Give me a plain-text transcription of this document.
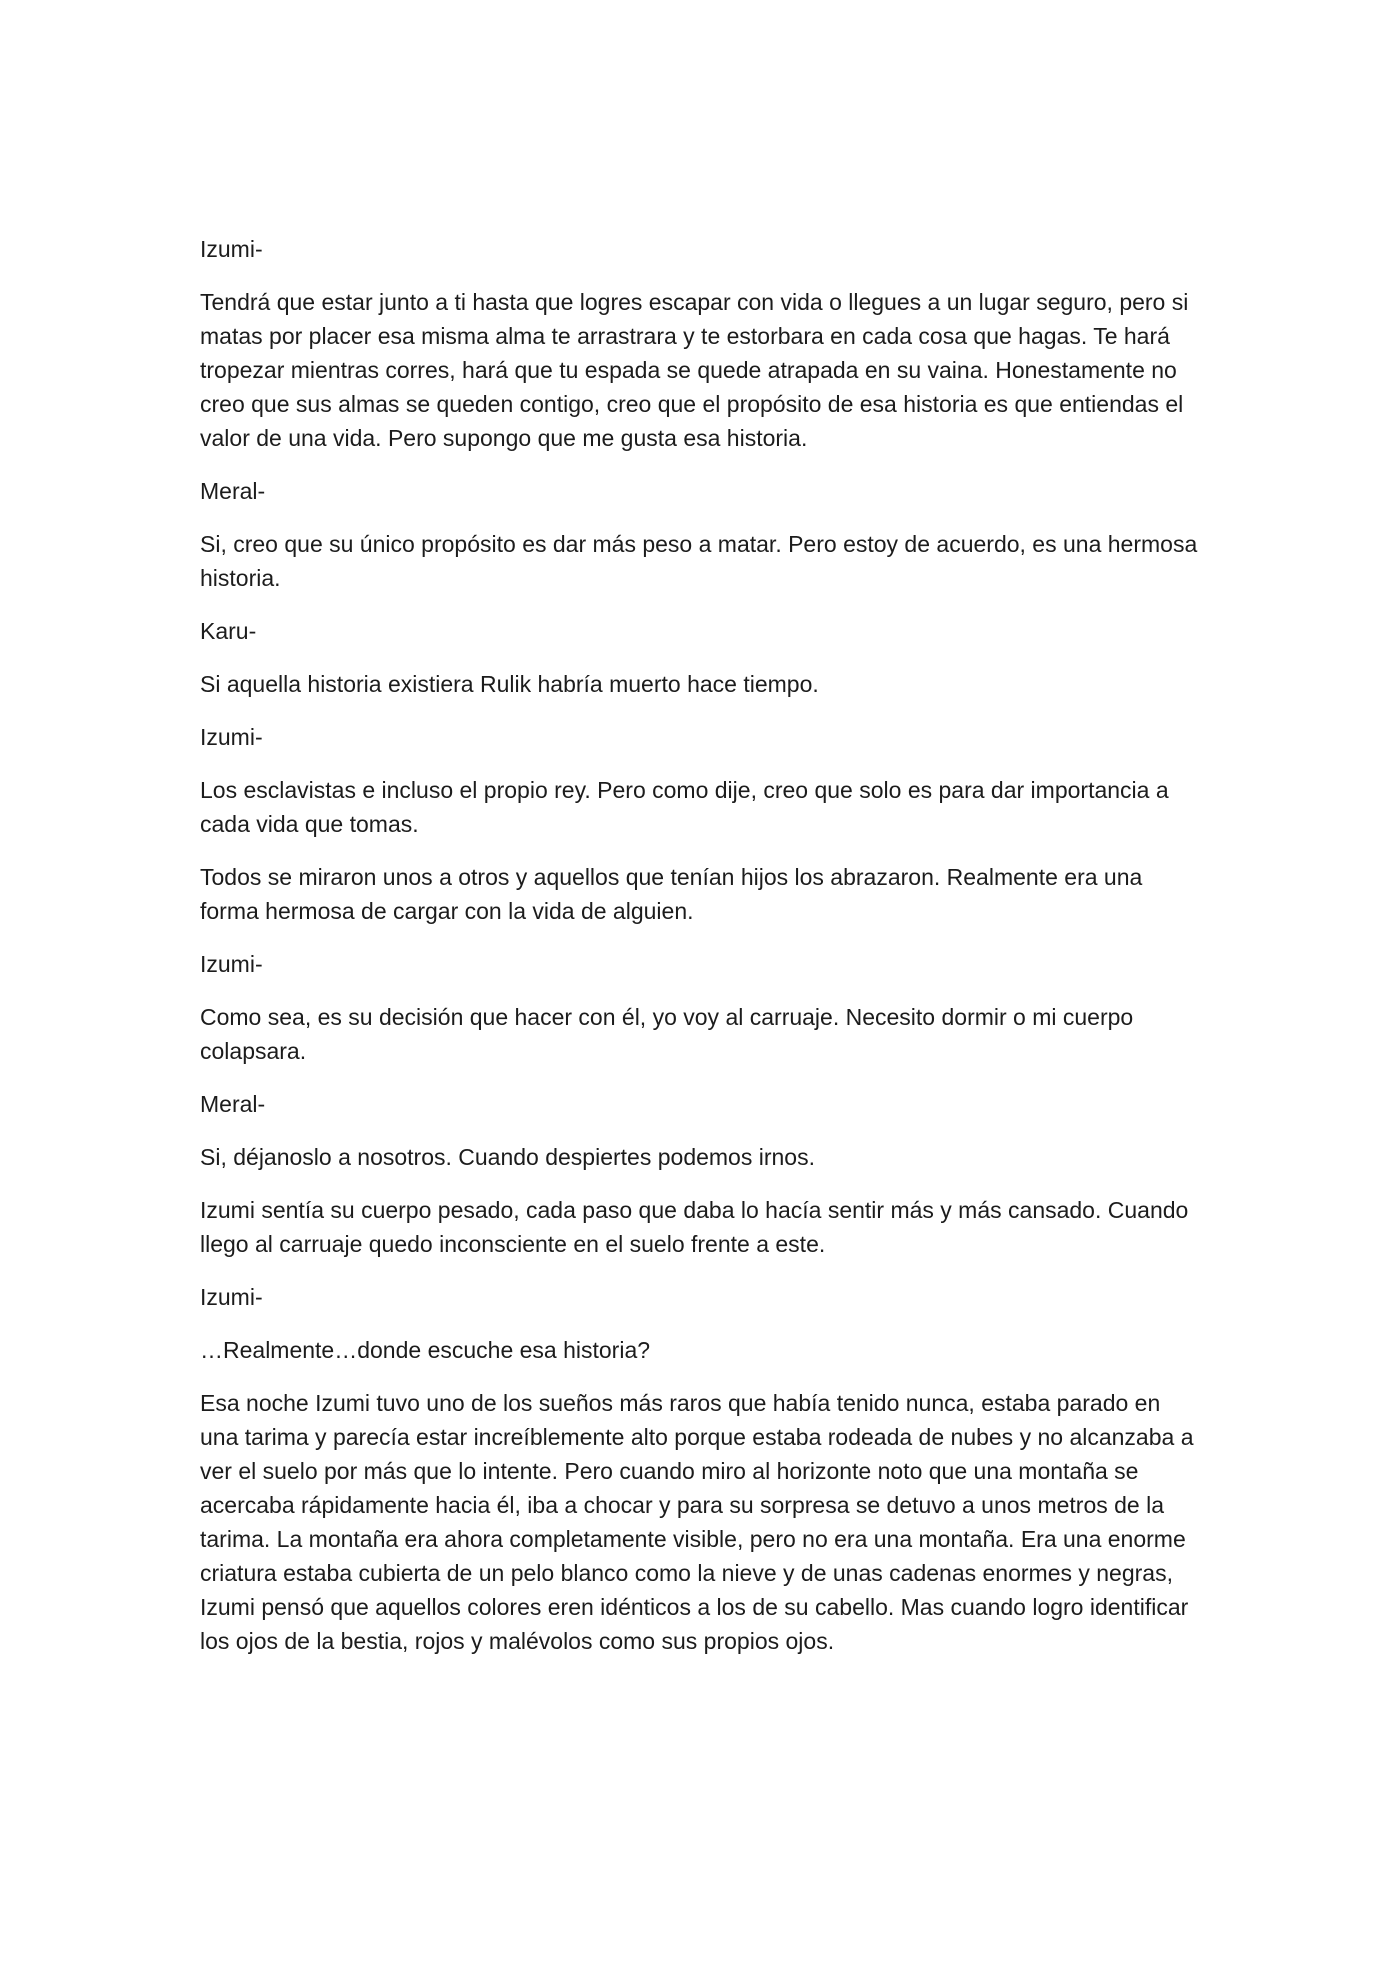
Izumi-

Tendrá que estar junto a ti hasta que logres escapar con vida o llegues a un lugar seguro, pero si matas por placer esa misma alma te arrastrara y te estorbara en cada cosa que hagas. Te hará tropezar mientras corres, hará que tu espada se quede atrapada en su vaina. Honestamente no creo que sus almas se queden contigo, creo que el propósito de esa historia es que entiendas el valor de una vida. Pero supongo que me gusta esa historia.

Meral-

Si, creo que su único propósito es dar más peso a matar. Pero estoy de acuerdo, es una hermosa historia.

Karu-

Si aquella historia existiera Rulik habría muerto hace tiempo.

Izumi-

Los esclavistas e incluso el propio rey. Pero como dije, creo que solo es para dar importancia a cada vida que tomas.

Todos se miraron unos a otros y aquellos que tenían hijos los abrazaron. Realmente era una forma hermosa de cargar con la vida de alguien.

Izumi-

Como sea, es su decisión que hacer con él, yo voy al carruaje. Necesito dormir o mi cuerpo colapsara.

Meral-

Si, déjanoslo a nosotros. Cuando despiertes podemos irnos.

Izumi sentía su cuerpo pesado, cada paso que daba lo hacía sentir más y más cansado. Cuando llego al carruaje quedo inconsciente en el suelo frente a este.

Izumi-

…Realmente…donde escuche esa historia?

Esa noche Izumi tuvo uno de los sueños más raros que había tenido nunca, estaba parado en una tarima y parecía estar increíblemente alto porque estaba rodeada de nubes y no alcanzaba a ver el suelo por más que lo intente. Pero cuando miro al horizonte noto que una montaña se acercaba rápidamente hacia él, iba a chocar y para su sorpresa se detuvo a unos metros de la tarima. La montaña era ahora completamente visible, pero no era una montaña. Era una enorme criatura estaba cubierta de un pelo blanco como la nieve y de unas cadenas enormes y negras, Izumi pensó que aquellos colores eren idénticos a los de su cabello. Mas cuando logro identificar los ojos de la bestia, rojos y malévolos como sus propios ojos.
